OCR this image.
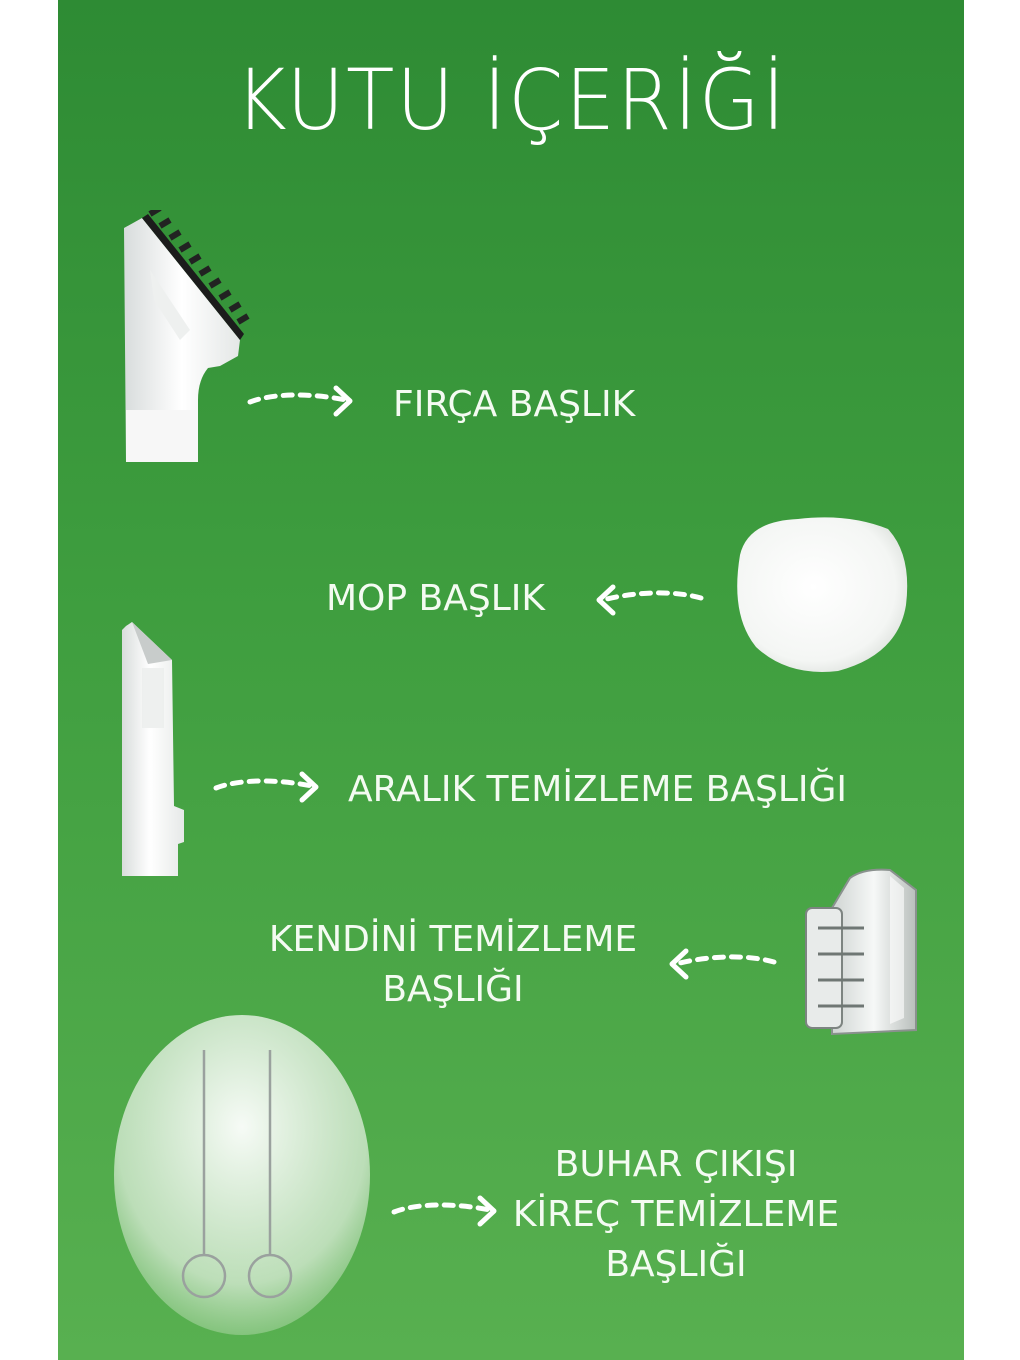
KUTU İÇERİĞİ
FIRÇA BAŞLIK
MOP BAŞLIK
ARALIK TEMİZLEME BAŞLIĞI
KENDİNİ TEMİZLEME
BAŞLIĞI
BUHAR ÇIKIŞI
KİREÇ TEMİZLEME
BAŞLIĞI
